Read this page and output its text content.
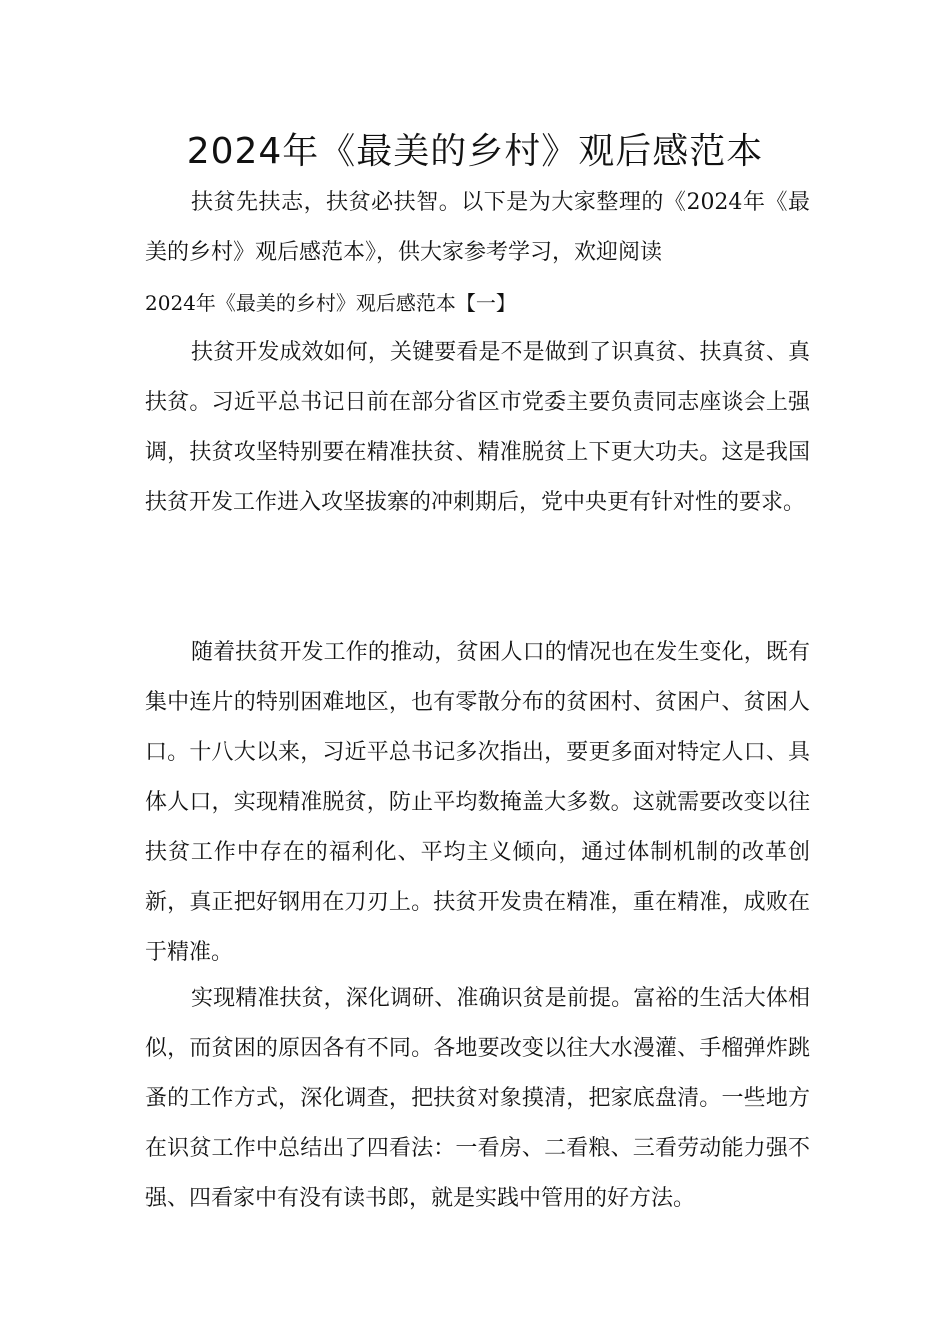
2024年《最美的乡村》观后感范本

扶贫先扶志，扶贫必扶智。以下是为大家整理的《2024年《最美的乡村》观后感范本》，供大家参考学习，欢迎阅读

2024年《最美的乡村》观后感范本【一】

扶贫开发成效如何，关键要看是不是做到了识真贫、扶真贫、真扶贫。习近平总书记日前在部分省区市党委主要负责同志座谈会上强调，扶贫攻坚特别要在精准扶贫、精准脱贫上下更大功夫。这是我国扶贫开发工作进入攻坚拔寨的冲刺期后，党中央更有针对性的要求。

随着扶贫开发工作的推动，贫困人口的情况也在发生变化，既有集中连片的特别困难地区，也有零散分布的贫困村、贫困户、贫困人口。十八大以来，习近平总书记多次指出，要更多面对特定人口、具体人口，实现精准脱贫，防止平均数掩盖大多数。这就需要改变以往扶贫工作中存在的福利化、平均主义倾向，通过体制机制的改革创新，真正把好钢用在刀刃上。扶贫开发贵在精准，重在精准，成败在于精准。

实现精准扶贫，深化调研、准确识贫是前提。富裕的生活大体相似，而贫困的原因各有不同。各地要改变以往大水漫灌、手榴弹炸跳蚤的工作方式，深化调查，把扶贫对象摸清，把家底盘清。一些地方在识贫工作中总结出了四看法：一看房、二看粮、三看劳动能力强不强、四看家中有没有读书郎，就是实践中管用的好方法。
